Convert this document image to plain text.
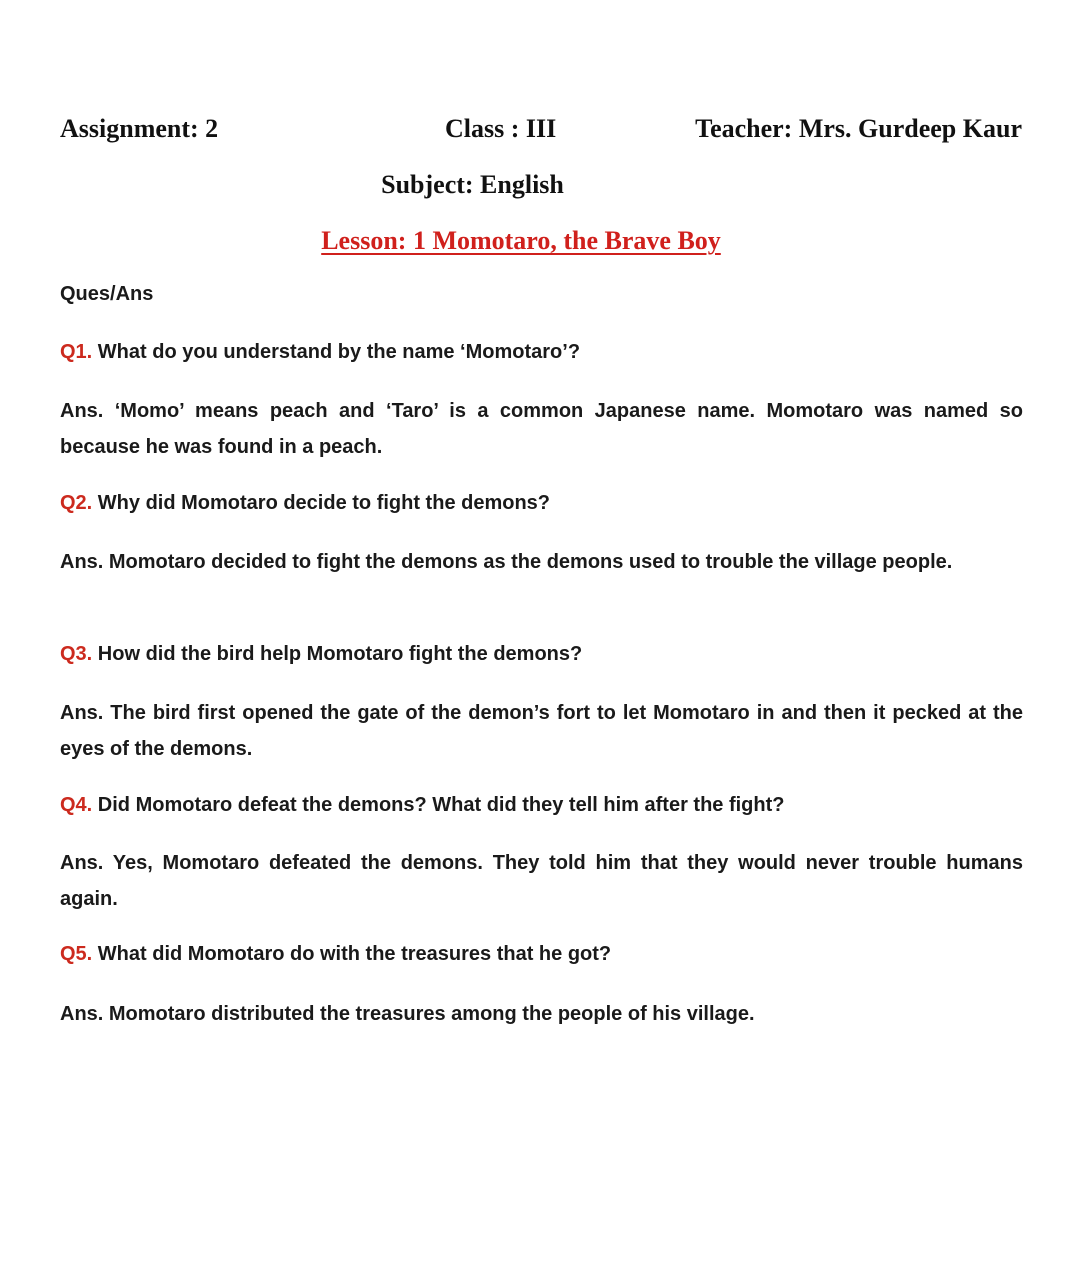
Assignment: 2	Class : III	Teacher: Mrs. Gurdeep Kaur
Subject: English
Lesson: 1 Momotaro, the Brave Boy
Ques/Ans
Q1. What do you understand by the name ‘Momotaro’?
Ans. ‘Momo’ means peach and ‘Taro’ is a common Japanese name. Momotaro was named so because he was found in a peach.
Q2. Why did Momotaro decide to fight the demons?
Ans. Momotaro decided to fight the demons as the demons used to trouble the village people.
Q3. How did the bird help Momotaro fight the demons?
Ans. The bird first opened the gate of the demon’s fort to let Momotaro in and then it pecked at the eyes of the demons.
Q4. Did Momotaro defeat the demons? What did they tell him after the fight?
Ans. Yes, Momotaro defeated the demons. They told him that they would never trouble humans again.
Q5. What did Momotaro do with the treasures that he got?
Ans. Momotaro distributed the treasures among the people of his village.
